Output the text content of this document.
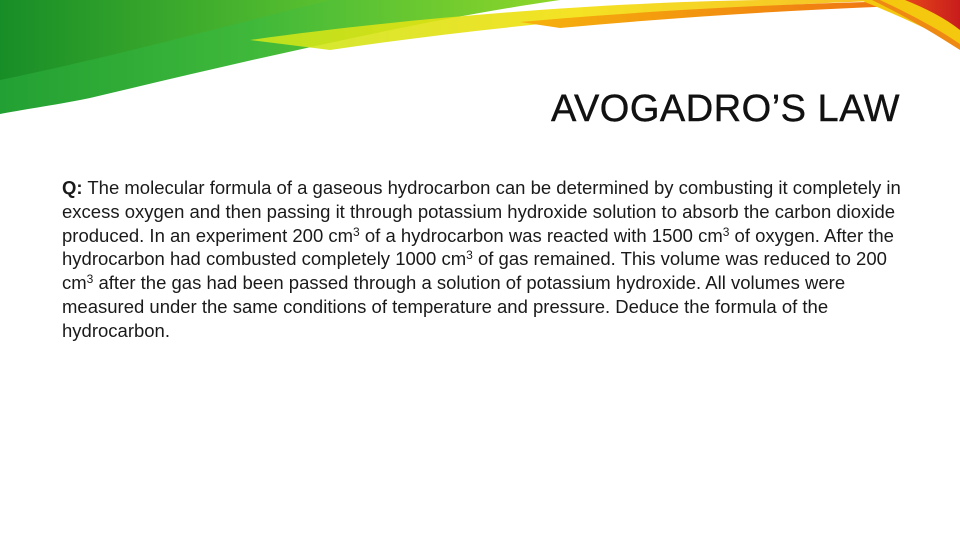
AVOGADRO’S LAW

Q: The molecular formula of a gaseous hydrocarbon can be determined by combusting it completely in excess oxygen and then passing it through potassium hydroxide solution to absorb the carbon dioxide produced. In an experiment 200 $cm^3$ of a hydrocarbon was reacted with 1500 $cm^3$ of oxygen. After the hydrocarbon had combusted completely 1000 $cm^3$ of gas remained. This volume was reduced to 200 $cm^3$ after the gas had been passed through a solution of potassium hydroxide. All volumes were measured under the same conditions of temperature and pressure. Deduce the formula of the hydrocarbon.
